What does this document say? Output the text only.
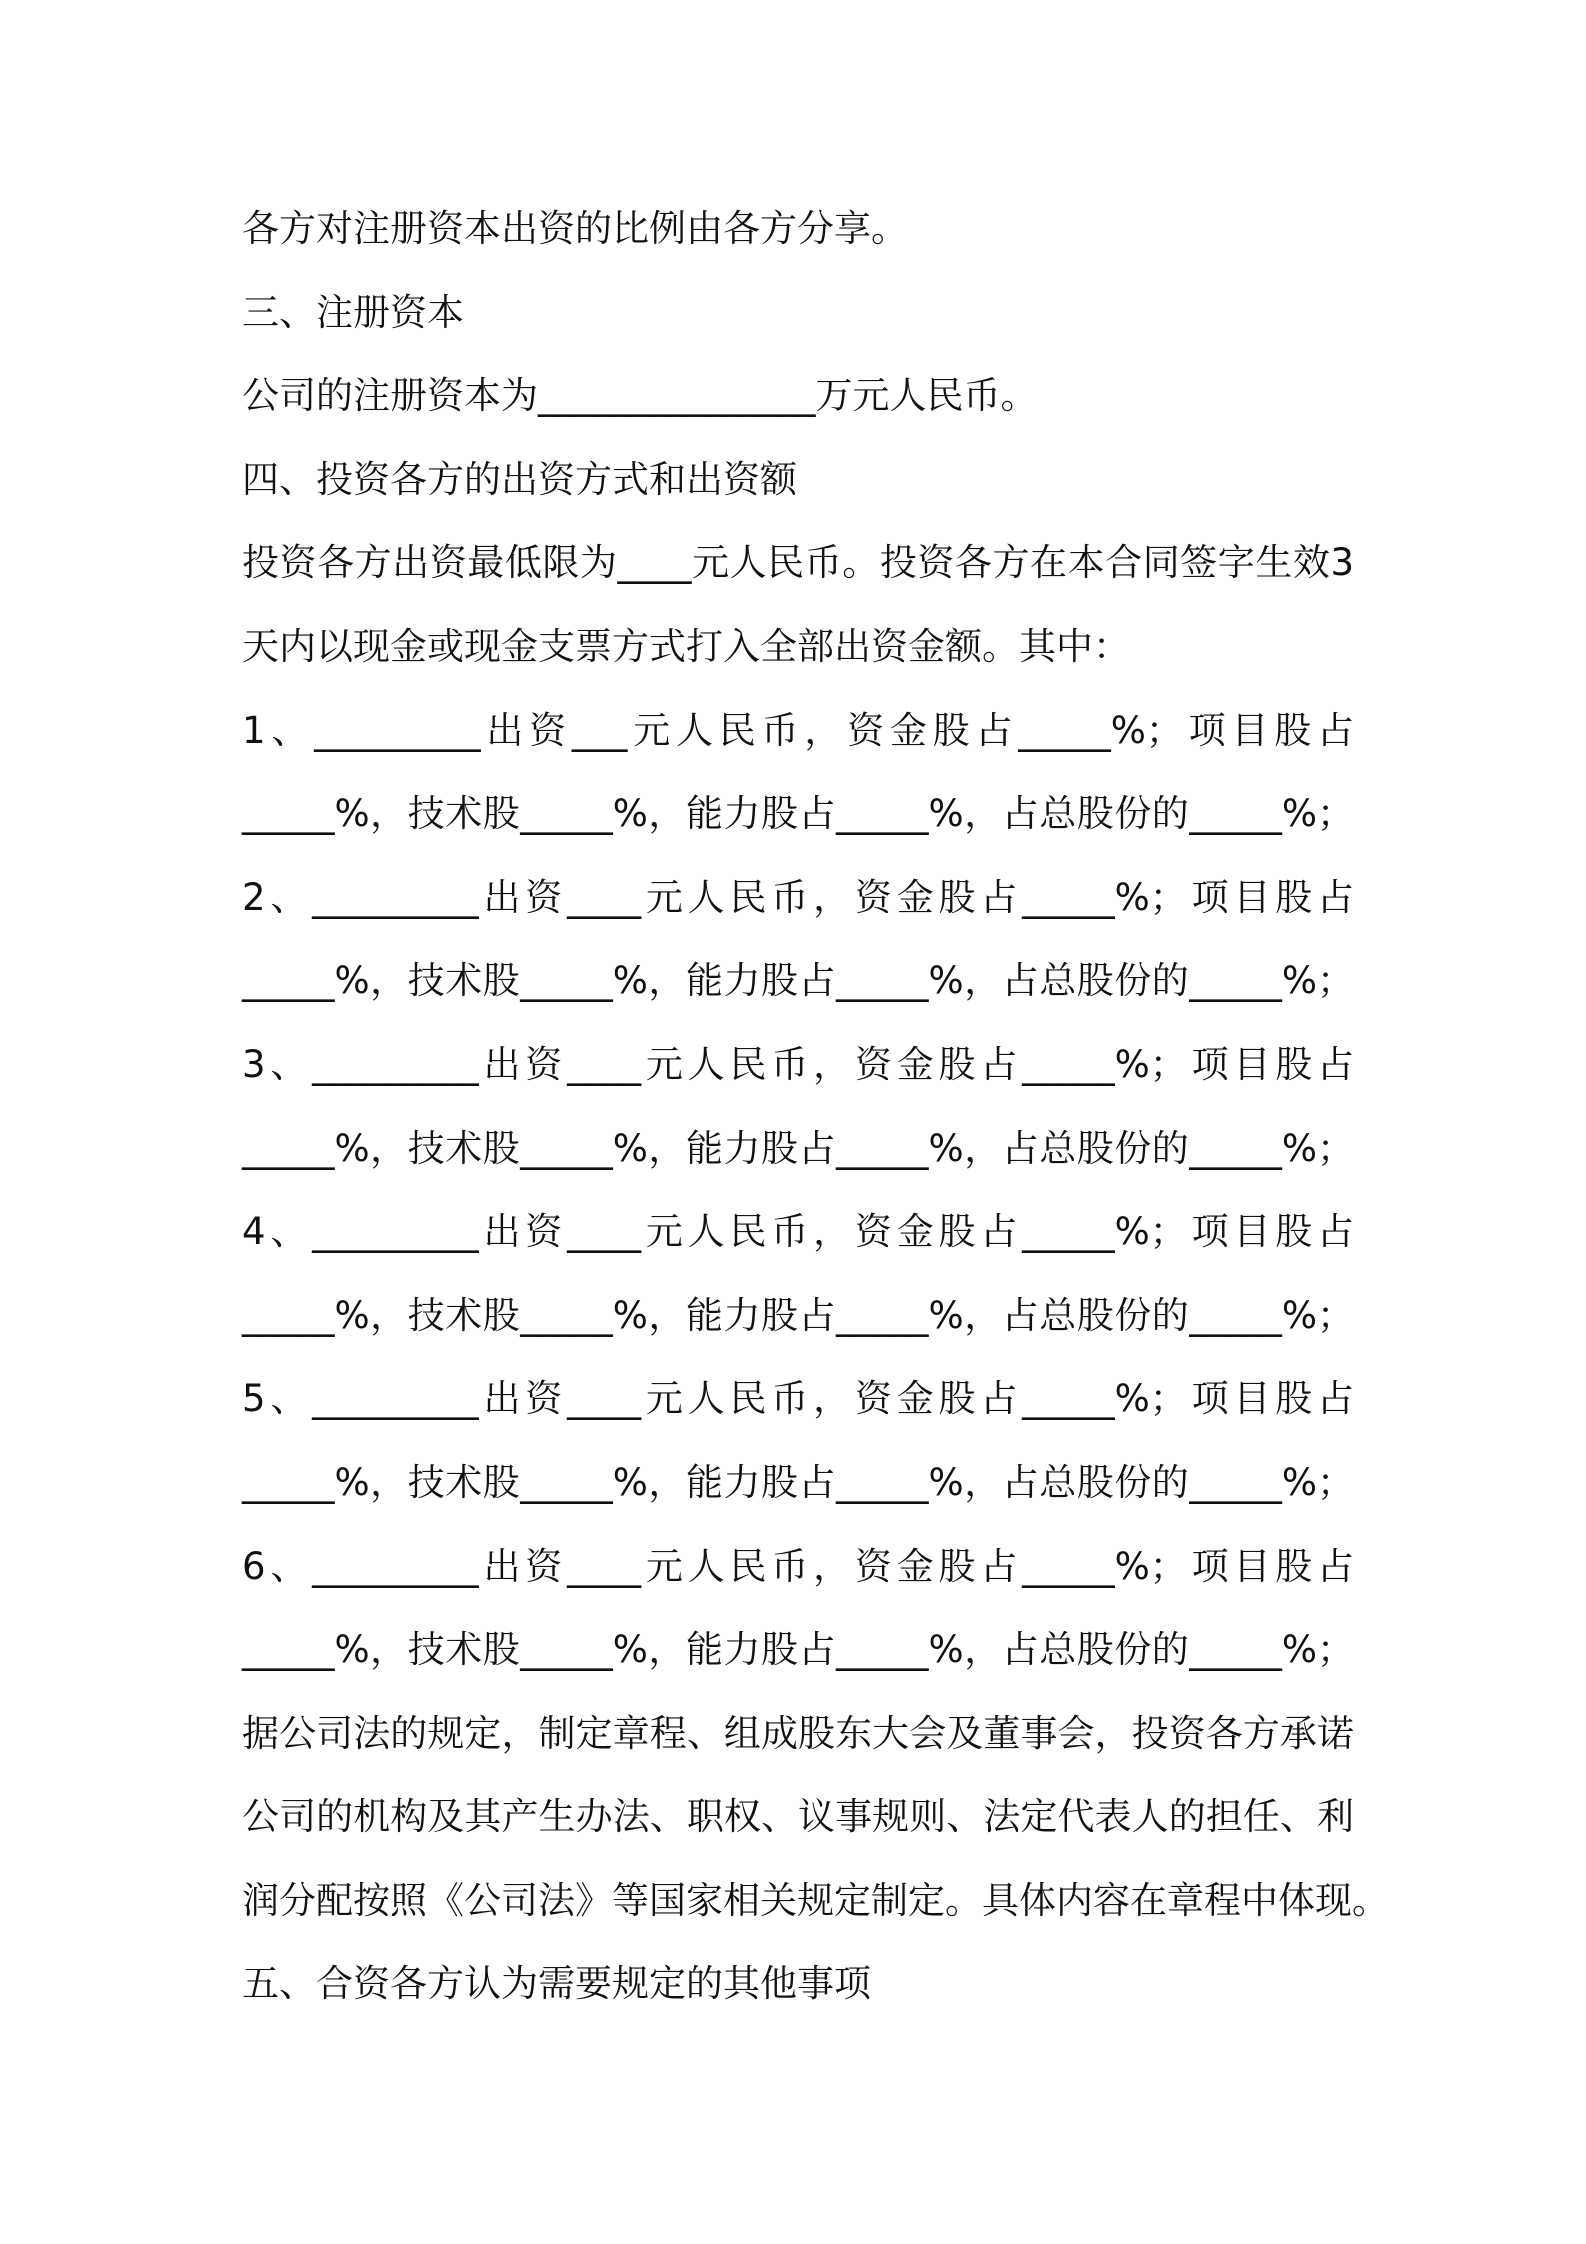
各方对注册资本出资的比例由各方分享。
三、注册资本
公司的注册资本为_______________万元人民币。
四、投资各方的出资方式和出资额
投资各方出资最低限为____元人民币。投资各方在本合同签字生效3
天内以现金或现金支票方式打入全部出资金额。其中：
1、_________出资___元人民币，资金股占_____%；项目股占
_____%，技术股_____%，能力股占_____%，占总股份的_____%；
2、_________出资____元人民币，资金股占_____%；项目股占
_____%，技术股_____%，能力股占_____%，占总股份的_____%；
3、_________出资____元人民币，资金股占_____%；项目股占
_____%，技术股_____%，能力股占_____%，占总股份的_____%；
4、_________出资____元人民币，资金股占_____%；项目股占
_____%，技术股_____%，能力股占_____%，占总股份的_____%；
5、_________出资____元人民币，资金股占_____%；项目股占
_____%，技术股_____%，能力股占_____%，占总股份的_____%；
6、_________出资____元人民币，资金股占_____%；项目股占
_____%，技术股_____%，能力股占_____%，占总股份的_____%；
据公司法的规定，制定章程、组成股东大会及董事会，投资各方承诺
公司的机构及其产生办法、职权、议事规则、法定代表人的担任、利
润分配按照《公司法》等国家相关规定制定。具体内容在章程中体现。
五、合资各方认为需要规定的其他事项
